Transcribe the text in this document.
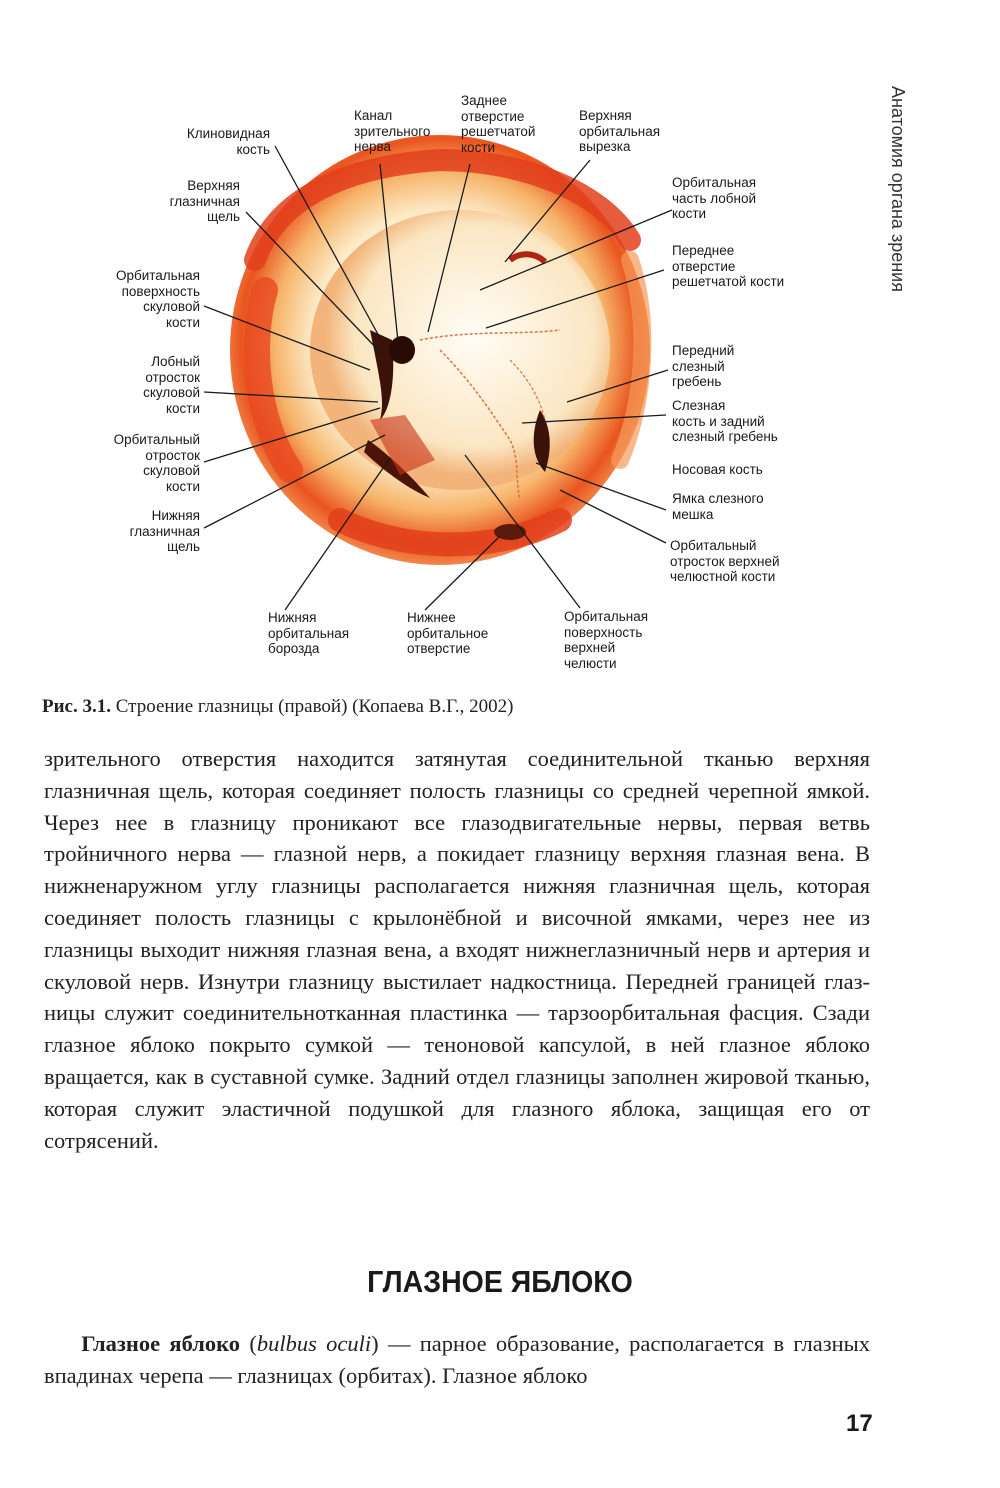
Анатомия органа зрения
Клиновидная
кость
Верхняя
глазничная
щель
Орбитальная
поверхность
скуловой
кости
Лобный
отросток
скуловой
кости
Орбитальный
отросток
скуловой
кости
Нижняя
глазничная
щель
Канал
зрительного
нерва
Заднее
отверстие
решетчатой
кости
Верхняя
орбитальная
вырезка
Орбитальная
часть лобной
кости
Переднее
отверстие
решетчатой кости
Передний
слезный
гребень
Слезная
кость и задний
слезный гребень
Носовая кость
Ямка слезного
мешка
Орбитальный
отросток верхней
челюстной кости
Нижняя
орбитальная
борозда
Нижнее
орбитальное
отверстие
Орбитальная
поверхность
верхней
челюсти
Рис. 3.1. Строение глазницы (правой) (Копаева В.Г., 2002)
зрительного отверстия находится затянутая соединительной тканью верхняя глазничная щель, которая соединяет полость глазницы со средней черепной ямкой. Через нее в глазницу проникают все глазодвигательные нервы, первая ветвь тройничного нерва — глазной нерв, а покидает глазницу верхняя глазная вена. В нижненаружном углу глазницы располагается нижняя глазничная щель, которая соединяет полость глазницы с крылонёбной и височной ямками, через нее из глазницы выходит нижняя глазная вена, а входят нижнеглазничный нерв и артерия и скуловой нерв. Изнутри глазницу выстилает надкостница. Передней границей глазницы служит соединительнотканная пластинка — тарзоорбитальная фасция. Сзади глазное яблоко покрыто сумкой — теноновой капсулой, в ней глазное яблоко вращается, как в суставной сумке. Задний отдел глазницы заполнен жировой тканью, которая служит эластичной подушкой для глазного яблока, защищая его от сотрясений.
ГЛАЗНОЕ ЯБЛОКО
Глазное яблоко (bulbus oculi) — парное образование, располагается в глазных впадинах черепа — глазницах (орбитах). Глазное яблоко
17
